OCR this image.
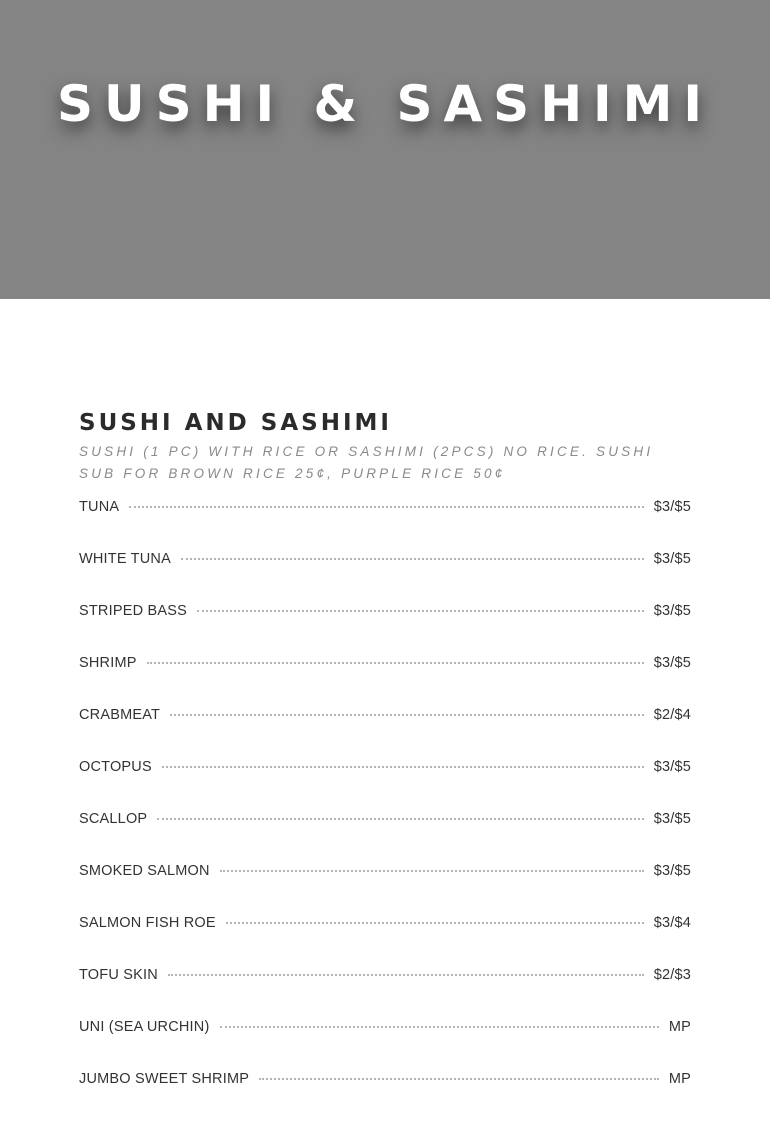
SUSHI & SASHIMI
SUSHI AND SASHIMI

SUSHI (1 PC) WITH RICE OR SASHIMI (2PCS) NO RICE. SUSHI SUB FOR BROWN RICE 25¢, PURPLE RICE 50¢

TUNA	$3/$5
WHITE TUNA	$3/$5
STRIPED BASS	$3/$5
SHRIMP	$3/$5
CRABMEAT	$2/$4
OCTOPUS	$3/$5
SCALLOP	$3/$5
SMOKED SALMON	$3/$5
SALMON FISH ROE	$3/$4
TOFU SKIN	$2/$3
UNI (SEA URCHIN)	MP
JUMBO SWEET SHRIMP	MP
